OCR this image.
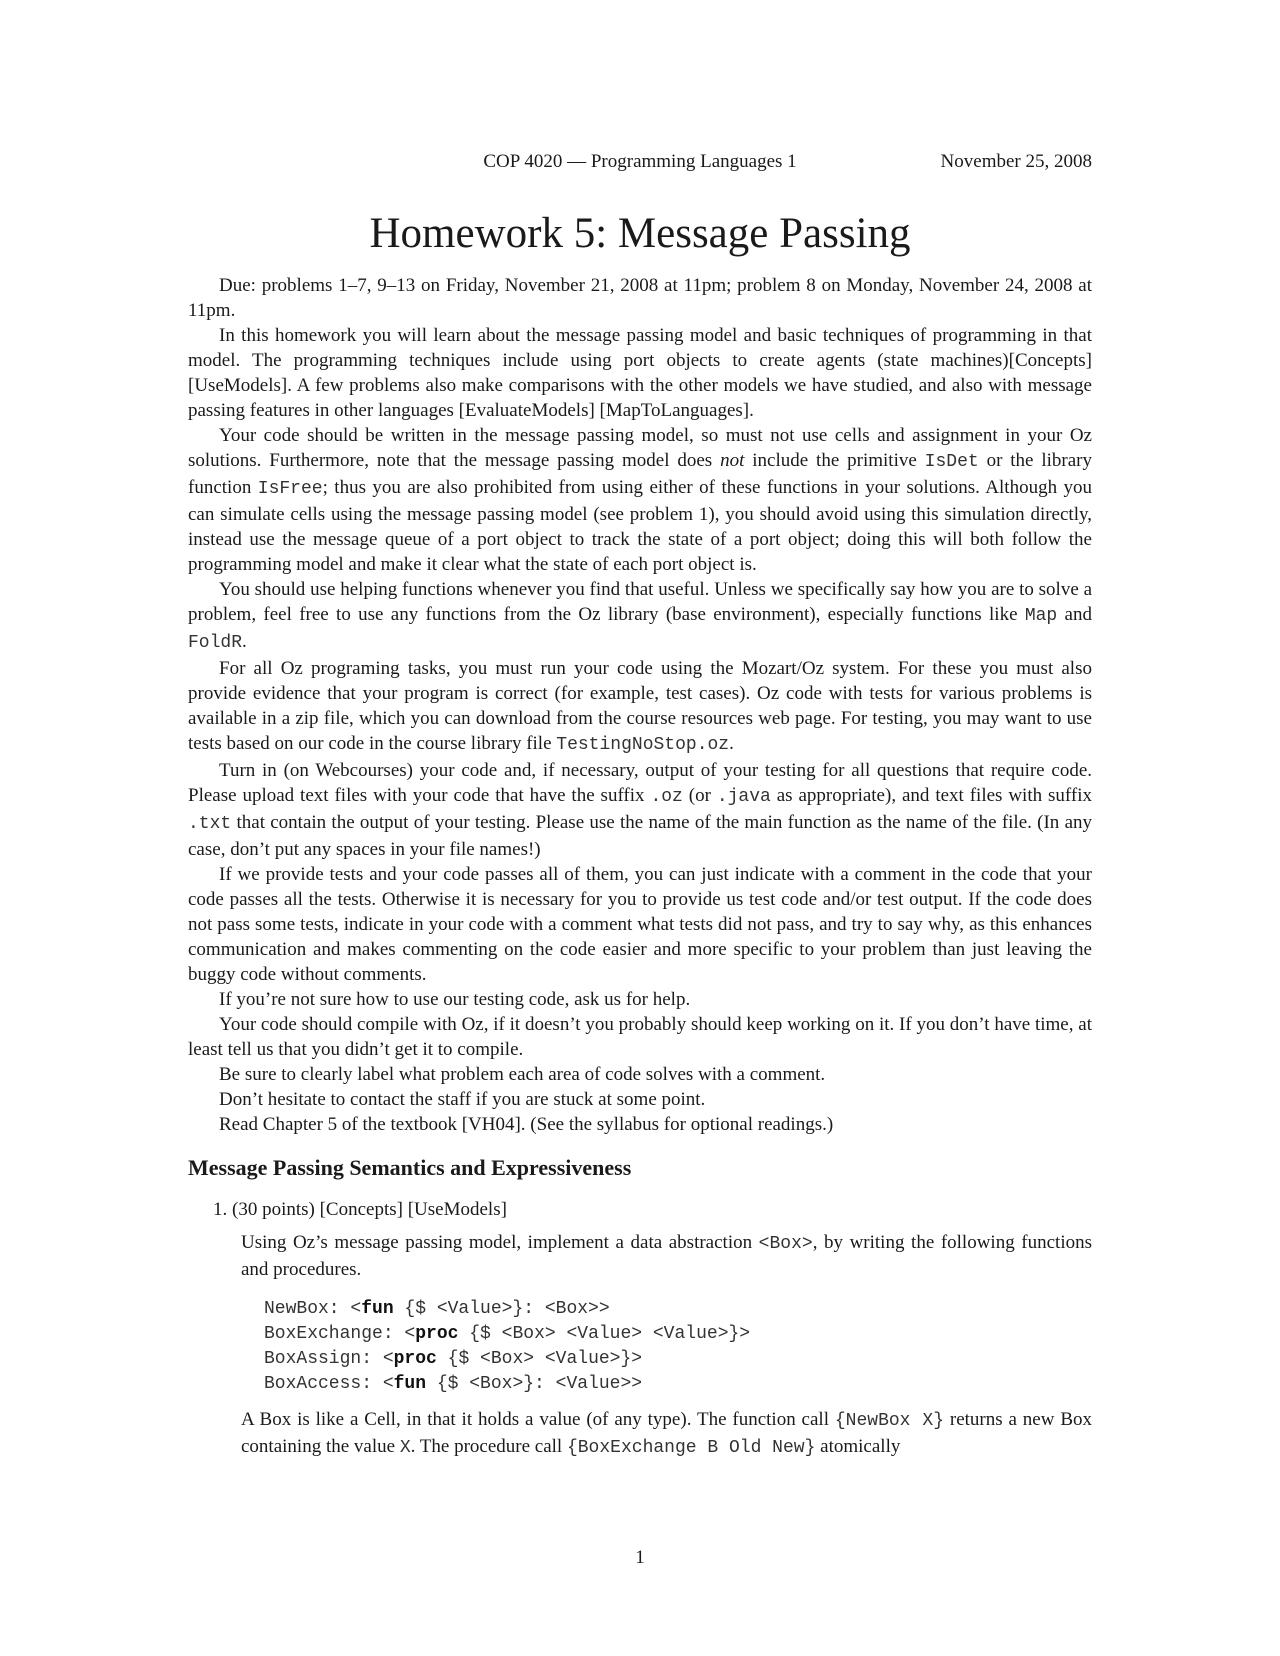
COP 4020 — Programming Languages 1	November 25, 2008
Homework 5: Message Passing

Due: problems 1–7, 9–13 on Friday, November 21, 2008 at 11pm; problem 8 on Monday, November 24, 2008 at 11pm.

In this homework you will learn about the message passing model and basic techniques of programming in that model. The programming techniques include using port objects to create agents (state machines)[Concepts] [UseModels]. A few problems also make comparisons with the other models we have studied, and also with message passing features in other languages [EvaluateModels] [MapToLanguages].

Your code should be written in the message passing model, so must not use cells and assignment in your Oz solutions. Furthermore, note that the message passing model does not include the primitive IsDet or the library function IsFree; thus you are also prohibited from using either of these functions in your solutions. Although you can simulate cells using the message passing model (see problem 1), you should avoid using this simulation directly, instead use the message queue of a port object to track the state of a port object; doing this will both follow the programming model and make it clear what the state of each port object is.

You should use helping functions whenever you find that useful. Unless we specifically say how you are to solve a problem, feel free to use any functions from the Oz library (base environment), especially functions like Map and FoldR.

For all Oz programing tasks, you must run your code using the Mozart/Oz system. For these you must also provide evidence that your program is correct (for example, test cases). Oz code with tests for various problems is available in a zip file, which you can download from the course resources web page. For testing, you may want to use tests based on our code in the course library file TestingNoStop.oz.

Turn in (on Webcourses) your code and, if necessary, output of your testing for all questions that require code. Please upload text files with your code that have the suffix .oz (or .java as appropriate), and text files with suffix .txt that contain the output of your testing. Please use the name of the main function as the name of the file. (In any case, don’t put any spaces in your file names!)

If we provide tests and your code passes all of them, you can just indicate with a comment in the code that your code passes all the tests. Otherwise it is necessary for you to provide us test code and/or test output. If the code does not pass some tests, indicate in your code with a comment what tests did not pass, and try to say why, as this enhances communication and makes commenting on the code easier and more specific to your problem than just leaving the buggy code without comments.

If you’re not sure how to use our testing code, ask us for help.

Your code should compile with Oz, if it doesn’t you probably should keep working on it. If you don’t have time, at least tell us that you didn’t get it to compile.

Be sure to clearly label what problem each area of code solves with a comment.

Don’t hesitate to contact the staff if you are stuck at some point.

Read Chapter 5 of the textbook [VH04]. (See the syllabus for optional readings.)

Message Passing Semantics and Expressiveness
1. (30 points) [Concepts] [UseModels]

Using Oz’s message passing model, implement a data abstraction <Box>, by writing the following functions and procedures.

NewBox: <fun {$ <Value>}: <Box>>
BoxExchange: <proc {$ <Box> <Value> <Value>}>
BoxAssign: <proc {$ <Box> <Value>}>
BoxAccess: <fun {$ <Box>}: <Value>>

A Box is like a Cell, in that it holds a value (of any type). The function call {NewBox X} returns a new Box containing the value X. The procedure call {BoxExchange B Old New} atomically

1
